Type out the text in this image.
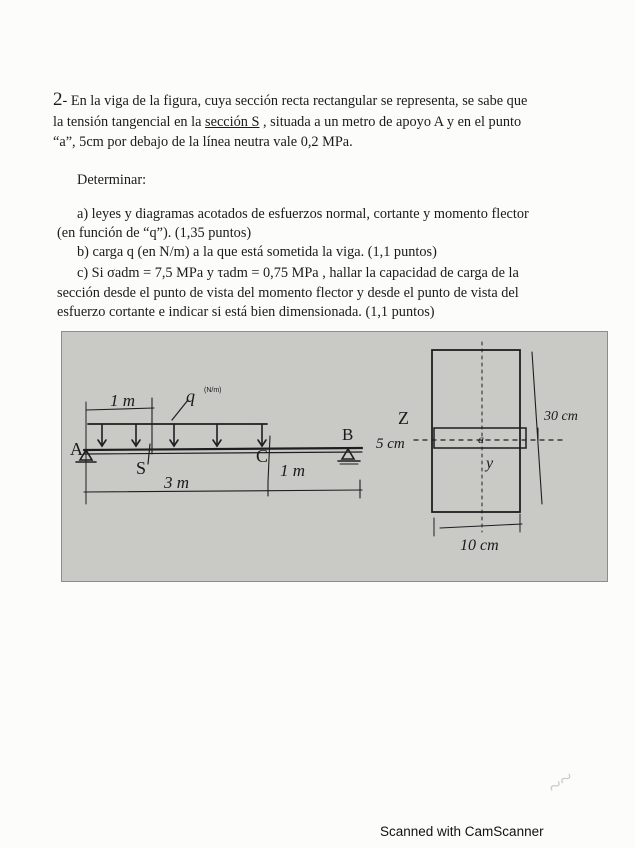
2- En la viga de la figura, cuya sección recta rectangular se representa, se sabe que

la tensión tangencial en la sección S , situada a un metro de apoyo A y en el punto

“a”, 5cm por debajo de la línea neutra vale 0,2 MPa.

Determinar:

a) leyes y diagramas acotados de esfuerzos normal, cortante y momento flector

(en función de “q”). (1,35 puntos)

b) carga q (en N/m) a la que está sometida la viga. (1,1 puntos)

c) Si σadm = 7,5 MPa y τadm = 0,75 MPa , hallar la capacidad de carga de la

sección desde el punto de vista del momento flector y desde el punto de vista del

esfuerzo cortante e indicar si está bien dimensionada. (1,1 puntos)

1 m	q (N/m)
A
B
C
S
3 m
1 m
Z
5 cm
30 cm
a
y
10 cm
~~
Scanned with CamScanner
